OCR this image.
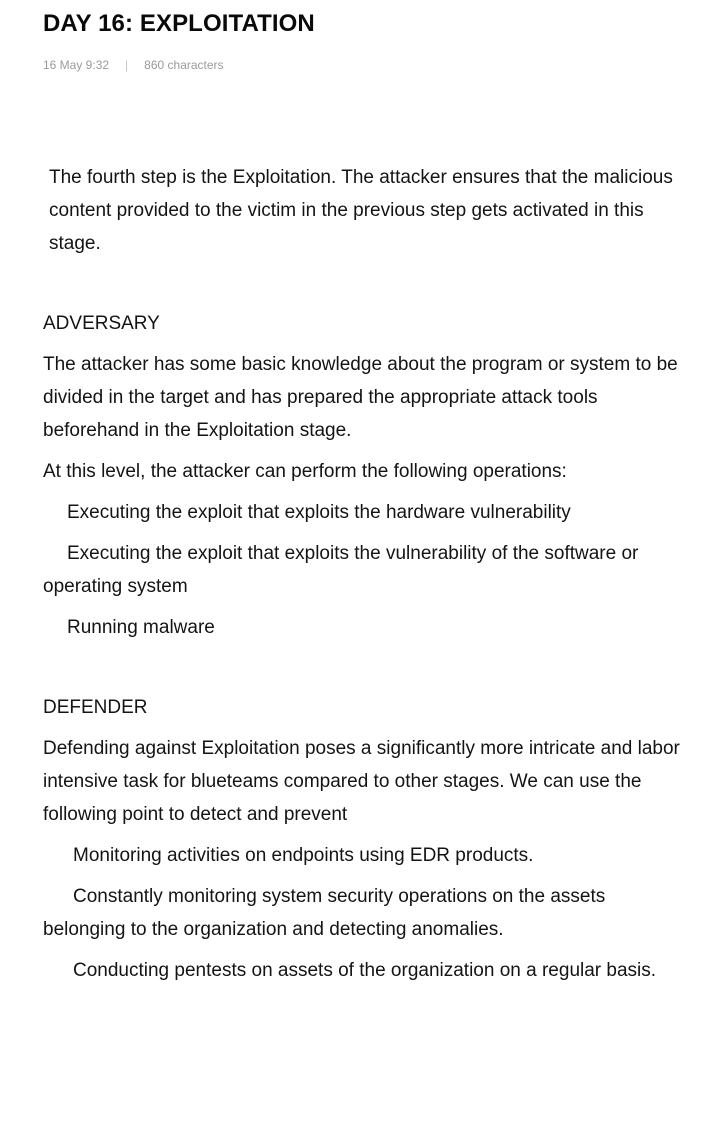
DAY 16: EXPLOITATION
16 May 9:32 | 860 characters

The fourth step is the Exploitation. The attacker ensures that the malicious content provided to the victim in the previous step gets activated in this stage.

ADVERSARY

The attacker has some basic knowledge about the program or system to be divided in the target and has prepared the appropriate attack tools beforehand in the Exploitation stage.

At this level, the attacker can perform the following operations:

Executing the exploit that exploits the hardware vulnerability

Executing the exploit that exploits the vulnerability of the software or operating system

Running malware

DEFENDER

Defending against Exploitation poses a significantly more intricate and labor intensive task for blueteams compared to other stages. We can use the following point to detect and prevent

Monitoring activities on endpoints using EDR products.

Constantly monitoring system security operations on the assets belonging to the organization and detecting anomalies.

Conducting pentests on assets of the organization on a regular basis.
